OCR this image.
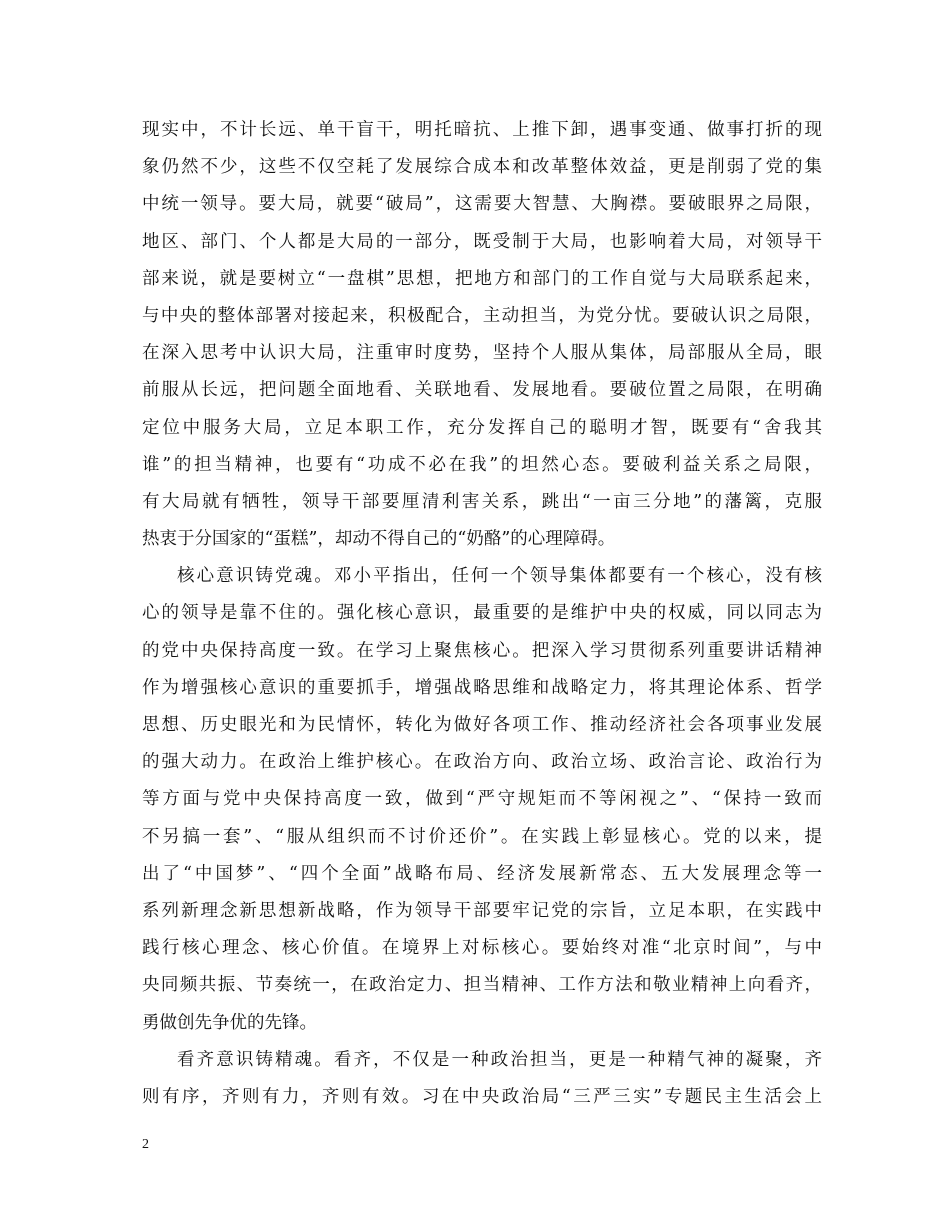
现实中，不计长远、单干盲干，明托暗抗、上推下卸，遇事变通、做事打折的现
象仍然不少，这些不仅空耗了发展综合成本和改革整体效益，更是削弱了党的集
中统一领导。要大局，就要“破局”，这需要大智慧、大胸襟。要破眼界之局限，
地区、部门、个人都是大局的一部分，既受制于大局，也影响着大局，对领导干
部来说，就是要树立“一盘棋”思想，把地方和部门的工作自觉与大局联系起来，
与中央的整体部署对接起来，积极配合，主动担当，为党分忧。要破认识之局限，
在深入思考中认识大局，注重审时度势，坚持个人服从集体，局部服从全局，眼
前服从长远，把问题全面地看、关联地看、发展地看。要破位置之局限，在明确
定位中服务大局，立足本职工作，充分发挥自己的聪明才智，既要有“舍我其
谁”的担当精神，也要有“功成不必在我”的坦然心态。要破利益关系之局限，
有大局就有牺牲，领导干部要厘清利害关系，跳出“一亩三分地”的藩篱，克服
热衷于分国家的“蛋糕”，却动不得自己的“奶酪”的心理障碍。
核心意识铸党魂。邓小平指出，任何一个领导集体都要有一个核心，没有核
心的领导是靠不住的。强化核心意识，最重要的是维护中央的权威，同以同志为
的党中央保持高度一致。在学习上聚焦核心。把深入学习贯彻系列重要讲话精神
作为增强核心意识的重要抓手，增强战略思维和战略定力，将其理论体系、哲学
思想、历史眼光和为民情怀，转化为做好各项工作、推动经济社会各项事业发展
的强大动力。在政治上维护核心。在政治方向、政治立场、政治言论、政治行为
等方面与党中央保持高度一致，做到“严守规矩而不等闲视之”、“保持一致而
不另搞一套”、“服从组织而不讨价还价”。在实践上彰显核心。党的以来，提
出了“中国梦”、“四个全面”战略布局、经济发展新常态、五大发展理念等一
系列新理念新思想新战略，作为领导干部要牢记党的宗旨，立足本职，在实践中
践行核心理念、核心价值。在境界上对标核心。要始终对准“北京时间”，与中
央同频共振、节奏统一，在政治定力、担当精神、工作方法和敬业精神上向看齐，
勇做创先争优的先锋。
看齐意识铸精魂。看齐，不仅是一种政治担当，更是一种精气神的凝聚，齐
则有序，齐则有力，齐则有效。习在中央政治局“三严三实”专题民主生活会上
2
